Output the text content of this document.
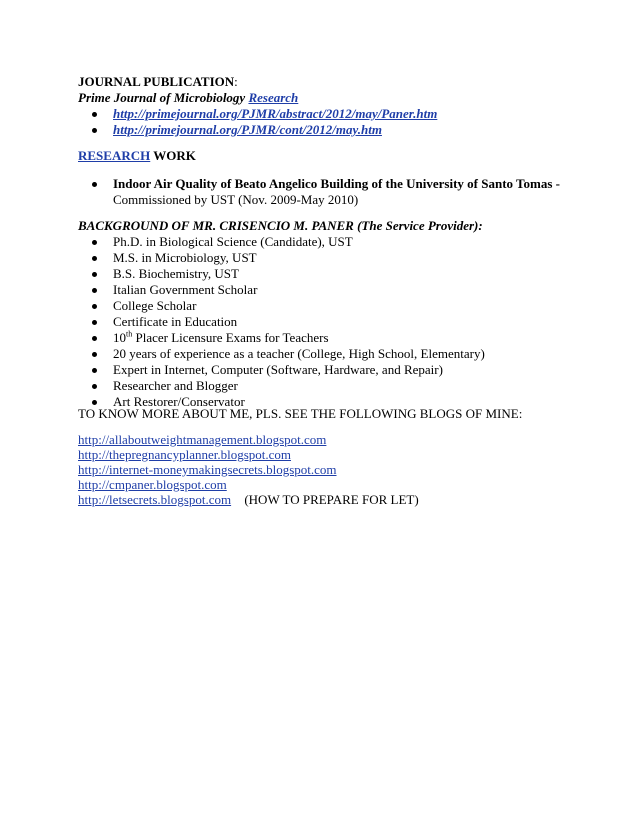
JOURNAL PUBLICATION:
Prime Journal of Microbiology Research
http://primejournal.org/PJMR/abstract/2012/may/Paner.htm
http://primejournal.org/PJMR/cont/2012/may.htm
RESEARCH WORK
Indoor Air Quality of Beato Angelico Building of the University of Santo Tomas -
Commissioned by UST (Nov. 2009-May 2010)
BACKGROUND OF MR. CRISENCIO M. PANER (The Service Provider):
Ph.D. in Biological Science (Candidate), UST
M.S. in Microbiology, UST
B.S. Biochemistry, UST
Italian Government Scholar
College Scholar
Certificate in Education
10th Placer Licensure Exams for Teachers
20 years of experience as a teacher (College, High School, Elementary)
Expert in Internet, Computer (Software, Hardware, and Repair)
Researcher and Blogger
Art Restorer/Conservator
TO KNOW MORE ABOUT ME, PLS. SEE THE FOLLOWING BLOGS OF MINE:
http://allaboutweightmanagement.blogspot.com
http://thepregnancyplanner.blogspot.com
http://internet-moneymakingsecrets.blogspot.com
http://cmpaner.blogspot.com
http://letsecrets.blogspot.com (HOW TO PREPARE FOR LET)
